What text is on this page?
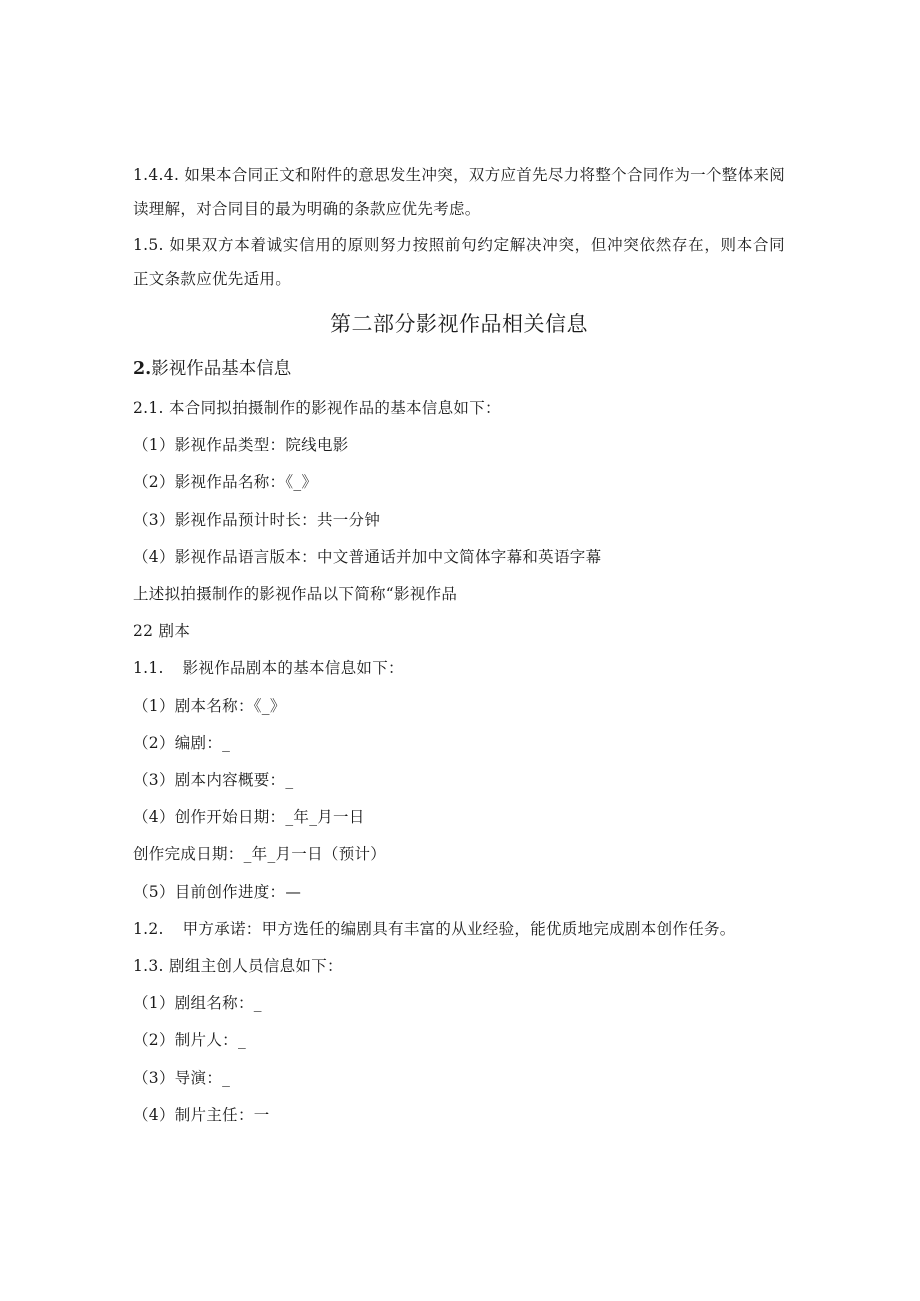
1.4.4. 如果本合同正文和附件的意思发生冲突，双方应首先尽力将整个合同作为一个整体来阅读理解，对合同目的最为明确的条款应优先考虑。

1.5. 如果双方本着诚实信用的原则努力按照前句约定解决冲突，但冲突依然存在，则本合同正文条款应优先适用。

第二部分影视作品相关信息
2.影视作品基本信息

2.1. 本合同拟拍摄制作的影视作品的基本信息如下：

（1）影视作品类型：院线电影

（2）影视作品名称：《_》

（3）影视作品预计时长：共一分钟

（4）影视作品语言版本：中文普通话并加中文简体字幕和英语字幕

上述拟拍摄制作的影视作品以下简称“影视作品

22 剧本

1.1. 影视作品剧本的基本信息如下：

（1）剧本名称：《_》

（2）编剧：_

（3）剧本内容概要：_

（4）创作开始日期：_年_月一日

创作完成日期：_年_月一日（预计）

（5）目前创作进度：—

1.2. 甲方承诺：甲方选任的编剧具有丰富的从业经验，能优质地完成剧本创作任务。

1.3. 剧组主创人员信息如下：

（1）剧组名称：_

（2）制片人：_

（3）导演：_

（4）制片主任：一
